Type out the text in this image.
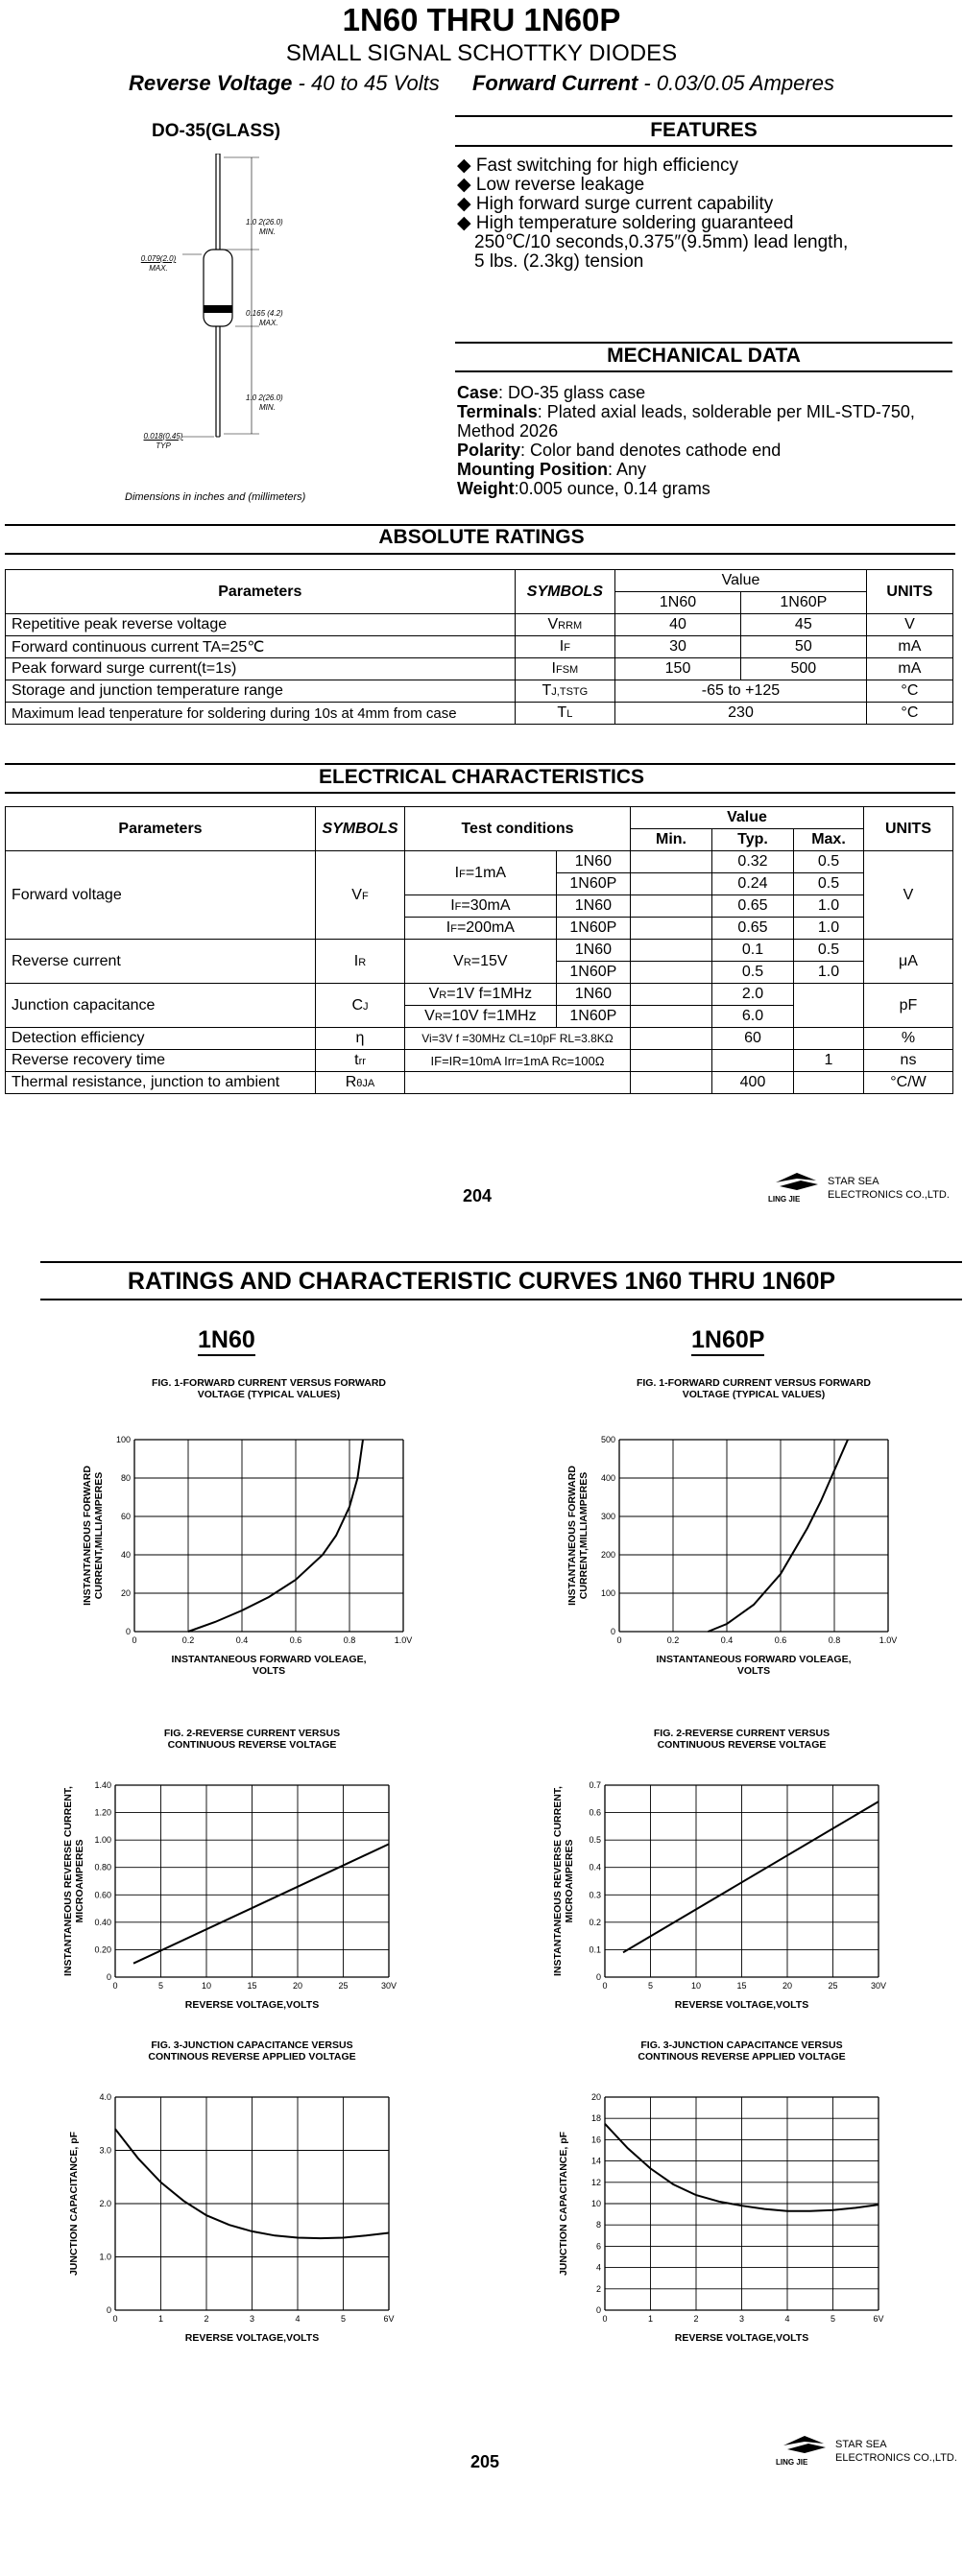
1N60 THRU 1N60P
SMALL SIGNAL SCHOTTKY DIODES
Reverse Voltage - 40 to 45 Volts Forward Current - 0.03/0.05 Amperes
DO-35(GLASS)
1.0 2(26.0)
MIN.
0.079(2.0)
MAX.
0.165 (4.2)
MAX.
1.0 2(26.0)
MIN.
0.018(0.45)
TYP
Dimensions in inches and (millimeters)
FEATURES
◆ Fast switching for high efficiency
◆ Low reverse leakage
◆ High forward surge current capability
◆ High temperature soldering guaranteed
250℃/10 seconds,0.375″(9.5mm) lead length,
5 lbs. (2.3kg) tension
MECHANICAL DATA
Case: DO-35 glass case
Terminals: Plated axial leads, solderable per MIL-STD-750,
Method 2026
Polarity: Color band denotes cathode end
Mounting Position: Any
Weight:0.005 ounce, 0.14 grams
ABSOLUTE RATINGS
Parameters	SYMBOLS	Value		UNITS
		1N60	1N60P	
Repetitive peak reverse voltage	VRRM	40	45	V
Forward continuous current TA=25℃	IF	30	50	mA
Peak forward surge current(t=1s)	IFSM	150	500	mA
Storage and junction temperature range	TJ,TSTG	-65 to +125		°C
Maximum lead tenperature for soldering during 10s at 4mm from case	TL	230		°C
ELECTRICAL CHARACTERISTICS
Parameters	SYMBOLS	Test conditions		Value			UNITS
				Min.	Typ.	Max.	
Forward voltage	VF	IF=1mA	1N60		0.32	0.5	V
			1N60P		0.24	0.5	
		IF=30mA	1N60		0.65	1.0	
		IF=200mA	1N60P		0.65	1.0	
Reverse current	IR	VR=15V	1N60		0.1	0.5	μA
			1N60P		0.5	1.0	
Junction capacitance	CJ	VR=1V f=1MHz	1N60		2.0		pF
		VR=10V f=1MHz	1N60P		6.0		
Detection efficiency	η	Vi=3V f =30MHz CL=10pF RL=3.8KΩ			60		%
Reverse recovery time	trr	IF=IR=10mA Irr=1mA Rc=100Ω				1	ns
Thermal resistance, junction to ambient	RθJA				400		°C/W
204	LING JIE
STAR SEA
ELECTRONICS CO.,LTD.
RATINGS AND CHARACTERISTIC CURVES 1N60 THRU 1N60P
1N60	1N60P
FIG. 1-FORWARD CURRENT VERSUS FORWARD
VOLTAGE (TYPICAL VALUES)
0	0.2	0.4	0.6	0.8	1.0V
0
20
40
60
80
100
INSTANTANEOUS FORWARD VOLEAGE,
VOLTS
INSTANTANEOUS FORWARD CURRENT,MILLIAMPERES
FIG. 1-FORWARD CURRENT VERSUS FORWARD
VOLTAGE (TYPICAL VALUES)
0	0.2	0.4	0.6	0.8	1.0V
0
100
200
300
400
500
INSTANTANEOUS FORWARD VOLEAGE,
VOLTS
INSTANTANEOUS FORWARD CURRENT,MILLIAMPERES
FIG. 2-REVERSE CURRENT VERSUS
CONTINUOUS REVERSE VOLTAGE
0	5	10	15	20	25	30V
0
0.20
0.40
0.60
0.80
1.00
1.20
1.40
REVERSE VOLTAGE,VOLTS
INSTANTANEOUS REVERSE CURRENT, MICROAMPERES
FIG. 2-REVERSE CURRENT VERSUS
CONTINUOUS REVERSE VOLTAGE
0	5	10	15	20	25	30V
0
0.1
0.2
0.3
0.4
0.5
0.6
0.7
REVERSE VOLTAGE,VOLTS
INSTANTANEOUS REVERSE CURRENT, MICROAMPERES
FIG. 3-JUNCTION CAPACITANCE VERSUS
CONTINOUS REVERSE APPLIED VOLTAGE
0	1	2	3	4	5	6V
0
1.0
2.0
3.0
4.0
REVERSE VOLTAGE,VOLTS
JUNCTION CAPACITANCE, pF
FIG. 3-JUNCTION CAPACITANCE VERSUS
CONTINOUS REVERSE APPLIED VOLTAGE
0	1	2	3	4	5	6V
0
2
4
6
8
10
12
14
16
18
20
REVERSE VOLTAGE,VOLTS
JUNCTION CAPACITANCE, pF
205	LING JIE
STAR SEA
ELECTRONICS CO.,LTD.
